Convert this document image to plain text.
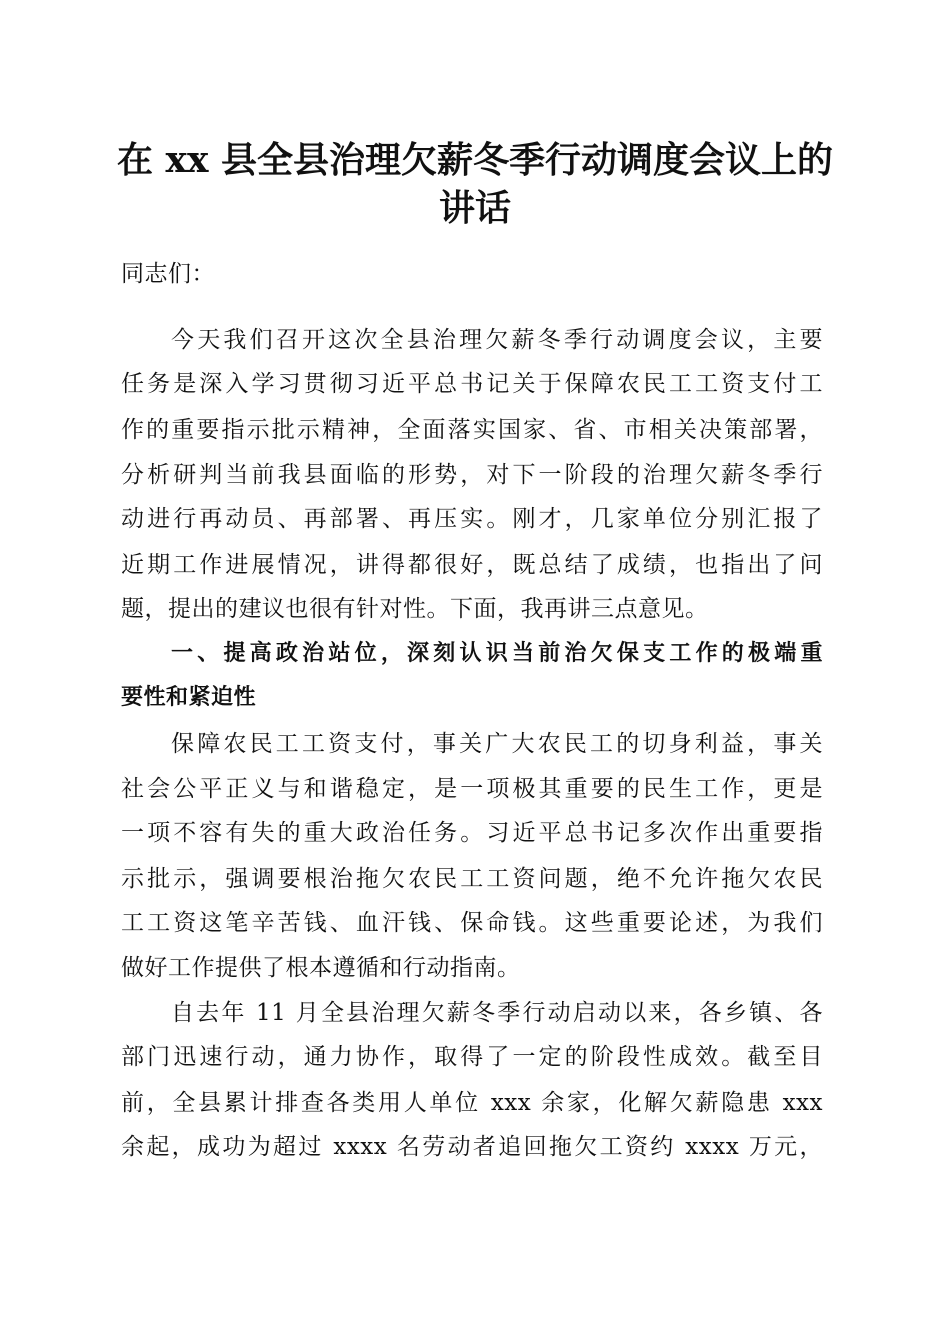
在 xx 县全县治理欠薪冬季行动调度会议上的
讲话
同志们：
今天我们召开这次全县治理欠薪冬季行动调度会议，主要
任务是深入学习贯彻习近平总书记关于保障农民工工资支付工
作的重要指示批示精神，全面落实国家、省、市相关决策部署，
分析研判当前我县面临的形势，对下一阶段的治理欠薪冬季行
动进行再动员、再部署、再压实。刚才，几家单位分别汇报了
近期工作进展情况，讲得都很好，既总结了成绩，也指出了问
题，提出的建议也很有针对性。下面，我再讲三点意见。
一、提高政治站位，深刻认识当前治欠保支工作的极端重
要性和紧迫性
保障农民工工资支付，事关广大农民工的切身利益，事关
社会公平正义与和谐稳定，是一项极其重要的民生工作，更是
一项不容有失的重大政治任务。习近平总书记多次作出重要指
示批示，强调要根治拖欠农民工工资问题，绝不允许拖欠农民
工工资这笔辛苦钱、血汗钱、保命钱。这些重要论述，为我们
做好工作提供了根本遵循和行动指南。
自去年 11 月全县治理欠薪冬季行动启动以来，各乡镇、各
部门迅速行动，通力协作，取得了一定的阶段性成效。截至目
前，全县累计排查各类用人单位 xxx 余家，化解欠薪隐患 xxx
余起，成功为超过 xxxx 名劳动者追回拖欠工资约 xxxx 万元，
